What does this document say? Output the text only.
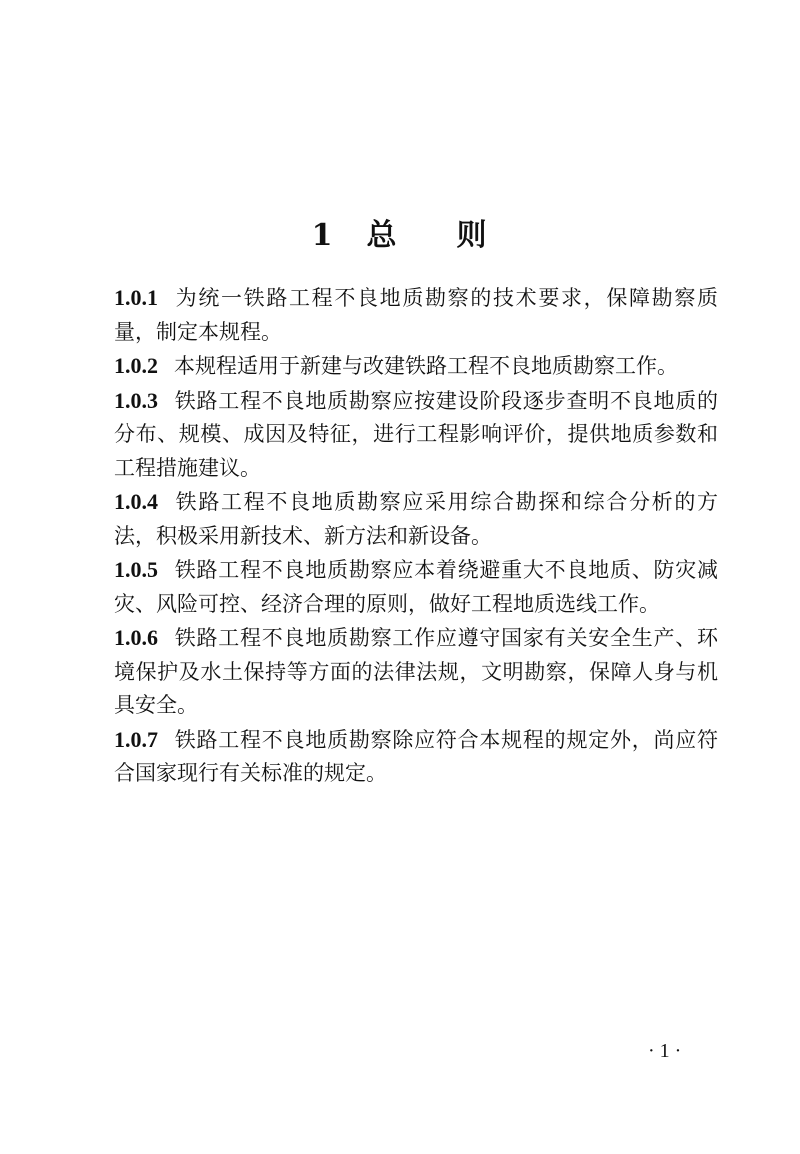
1 总 则

1.0.1 为统一铁路工程不良地质勘察的技术要求，保障勘察质量，制定本规程。

1.0.2 本规程适用于新建与改建铁路工程不良地质勘察工作。

1.0.3 铁路工程不良地质勘察应按建设阶段逐步查明不良地质的分布、规模、成因及特征，进行工程影响评价，提供地质参数和工程措施建议。

1.0.4 铁路工程不良地质勘察应采用综合勘探和综合分析的方法，积极采用新技术、新方法和新设备。

1.0.5 铁路工程不良地质勘察应本着绕避重大不良地质、防灾减灾、风险可控、经济合理的原则，做好工程地质选线工作。

1.0.6 铁路工程不良地质勘察工作应遵守国家有关安全生产、环境保护及水土保持等方面的法律法规，文明勘察，保障人身与机具安全。

1.0.7 铁路工程不良地质勘察除应符合本规程的规定外，尚应符合国家现行有关标准的规定。

· 1 ·
